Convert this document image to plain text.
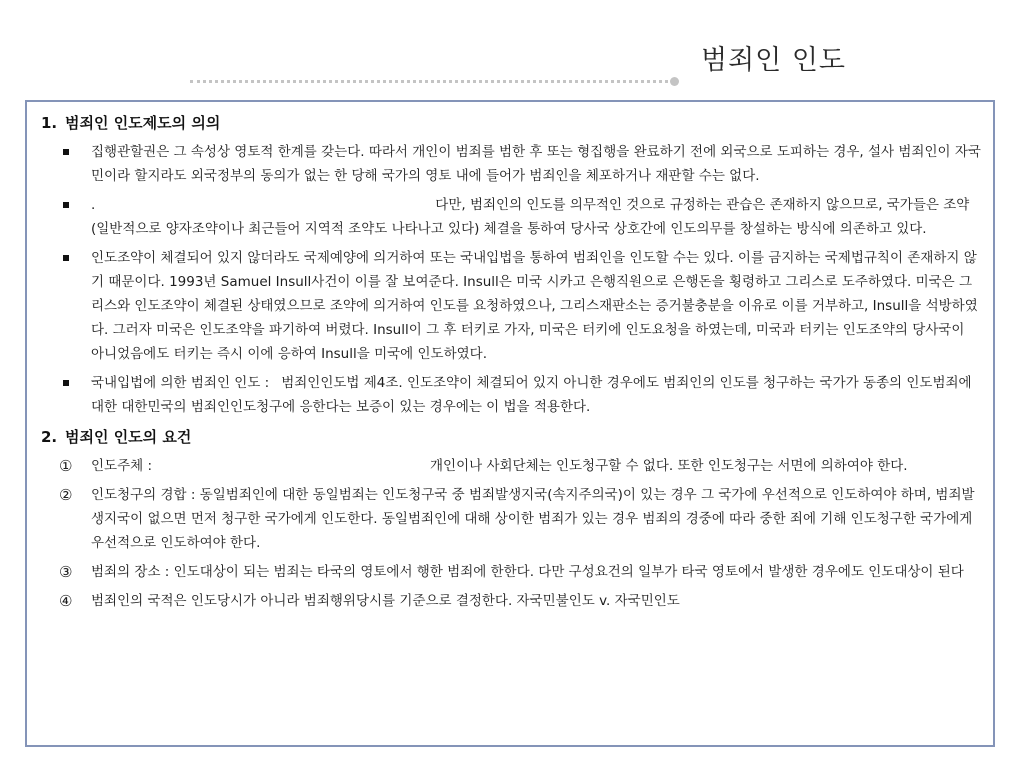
범죄인 인도
1. 범죄인 인도제도의 의의
집행관할권은 그 속성상 영토적 한계를 갖는다. 따라서 개인이 범죄를 범한 후 또는 형집행을 완료하기 전에 외국으로 도피하는 경우, 설사 범죄인이 자국민이라 할지라도 외국정부의 동의가 없는 한 당해 국가의 영토 내에 들어가 범죄인을 체포하거나 재판할 수는 없다.
.	다만, 범죄인의 인도를 의무적인 것으로 규정하는 관습은 존재하지 않으므로, 국가들은 조약(일반적으로 양자조약이나 최근들어 지역적 조약도 나타나고 있다) 체결을 통하여 당사국 상호간에 인도의무를 창설하는 방식에 의존하고 있다.
인도조약이 체결되어 있지 않더라도 국제예양에 의거하여 또는 국내입법을 통하여 범죄인을 인도할 수는 있다. 이를 금지하는 국제법규칙이 존재하지 않기 때문이다. 1993년 Samuel Insull사건이 이를 잘 보여준다. Insull은 미국 시카고 은행직원으로 은행돈을 횡령하고 그리스로 도주하였다. 미국은 그리스와 인도조약이 체결된 상태였으므로 조약에 의거하여 인도를 요청하였으나, 그리스재판소는 증거불충분을 이유로 이를 거부하고, Insull을 석방하였다. 그러자 미국은 인도조약을 파기하여 버렸다. Insull이 그 후 터키로 가자, 미국은 터키에 인도요청을 하였는데, 미국과 터키는 인도조약의 당사국이 아니었음에도 터키는 즉시 이에 응하여 Insull을 미국에 인도하였다.
국내입법에 의한 범죄인 인도 : 범죄인인도법 제4조. 인도조약이 체결되어 있지 아니한 경우에도 범죄인의 인도를 청구하는 국가가 동종의 인도범죄에 대한 대한민국의 범죄인인도청구에 응한다는 보증이 있는 경우에는 이 법을 적용한다.
2. 범죄인 인도의 요건
① 인도주체 :	개인이나 사회단체는 인도청구할 수 없다. 또한 인도청구는 서면에 의하여야 한다.
② 인도청구의 경합 : 동일범죄인에 대한 동일범죄는 인도청구국 중 범죄발생지국(속지주의국)이 있는 경우 그 국가에 우선적으로 인도하여야 하며, 범죄발생지국이 없으면 먼저 청구한 국가에게 인도한다. 동일범죄인에 대해 상이한 범죄가 있는 경우 범죄의 경중에 따라 중한 죄에 기해 인도청구한 국가에게 우선적으로 인도하여야 한다.
③ 범죄의 장소 : 인도대상이 되는 범죄는 타국의 영토에서 행한 범죄에 한한다. 다만 구성요건의 일부가 타국 영토에서 발생한 경우에도 인도대상이 된다
④ 범죄인의 국적은 인도당시가 아니라 범죄행위당시를 기준으로 결정한다. 자국민불인도 v. 자국민인도
